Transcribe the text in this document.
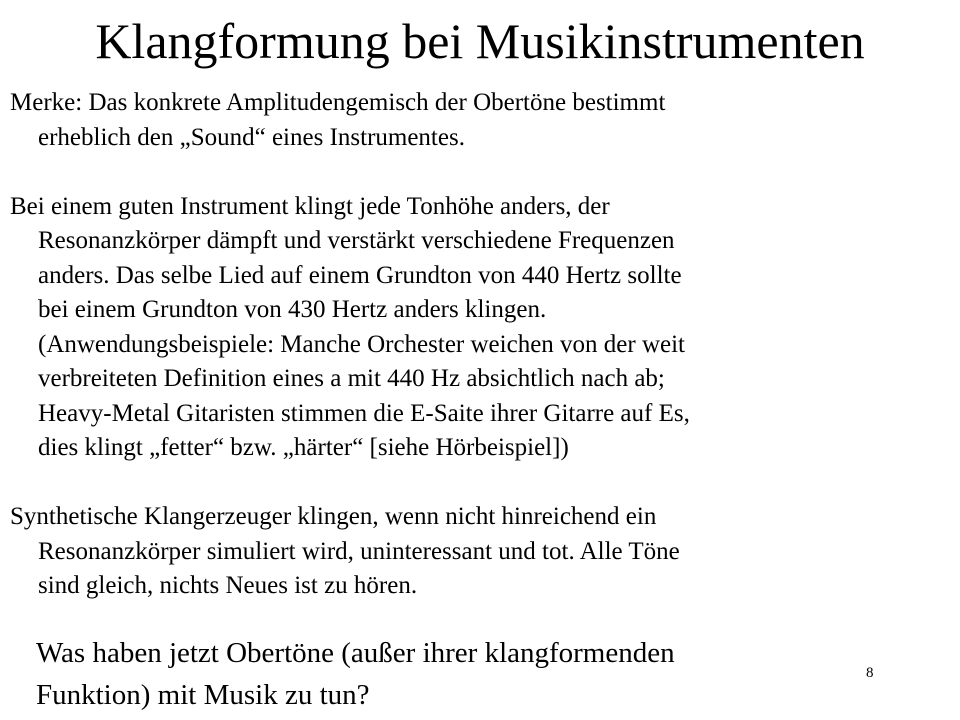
Klangformung bei Musikinstrumenten
Merke: Das konkrete Amplitudengemisch der Obertöne bestimmt
erheblich den „Sound“ eines Instrumentes.
Bei einem guten Instrument klingt jede Tonhöhe anders, der
Resonanzkörper dämpft und verstärkt verschiedene Frequenzen
anders. Das selbe Lied auf einem Grundton von 440 Hertz sollte
bei einem Grundton von 430 Hertz anders klingen.
(Anwendungsbeispiele: Manche Orchester weichen von der weit
verbreiteten Definition eines a mit 440 Hz absichtlich nach ab;
Heavy-Metal Gitaristen stimmen die E-Saite ihrer Gitarre auf Es,
dies klingt „fetter“ bzw. „härter“ [siehe Hörbeispiel])
Synthetische Klangerzeuger klingen, wenn nicht hinreichend ein
Resonanzkörper simuliert wird, uninteressant und tot. Alle Töne
sind gleich, nichts Neues ist zu hören.
Was haben jetzt Obertöne (außer ihrer klangformenden
Funktion) mit Musik zu tun?
8
